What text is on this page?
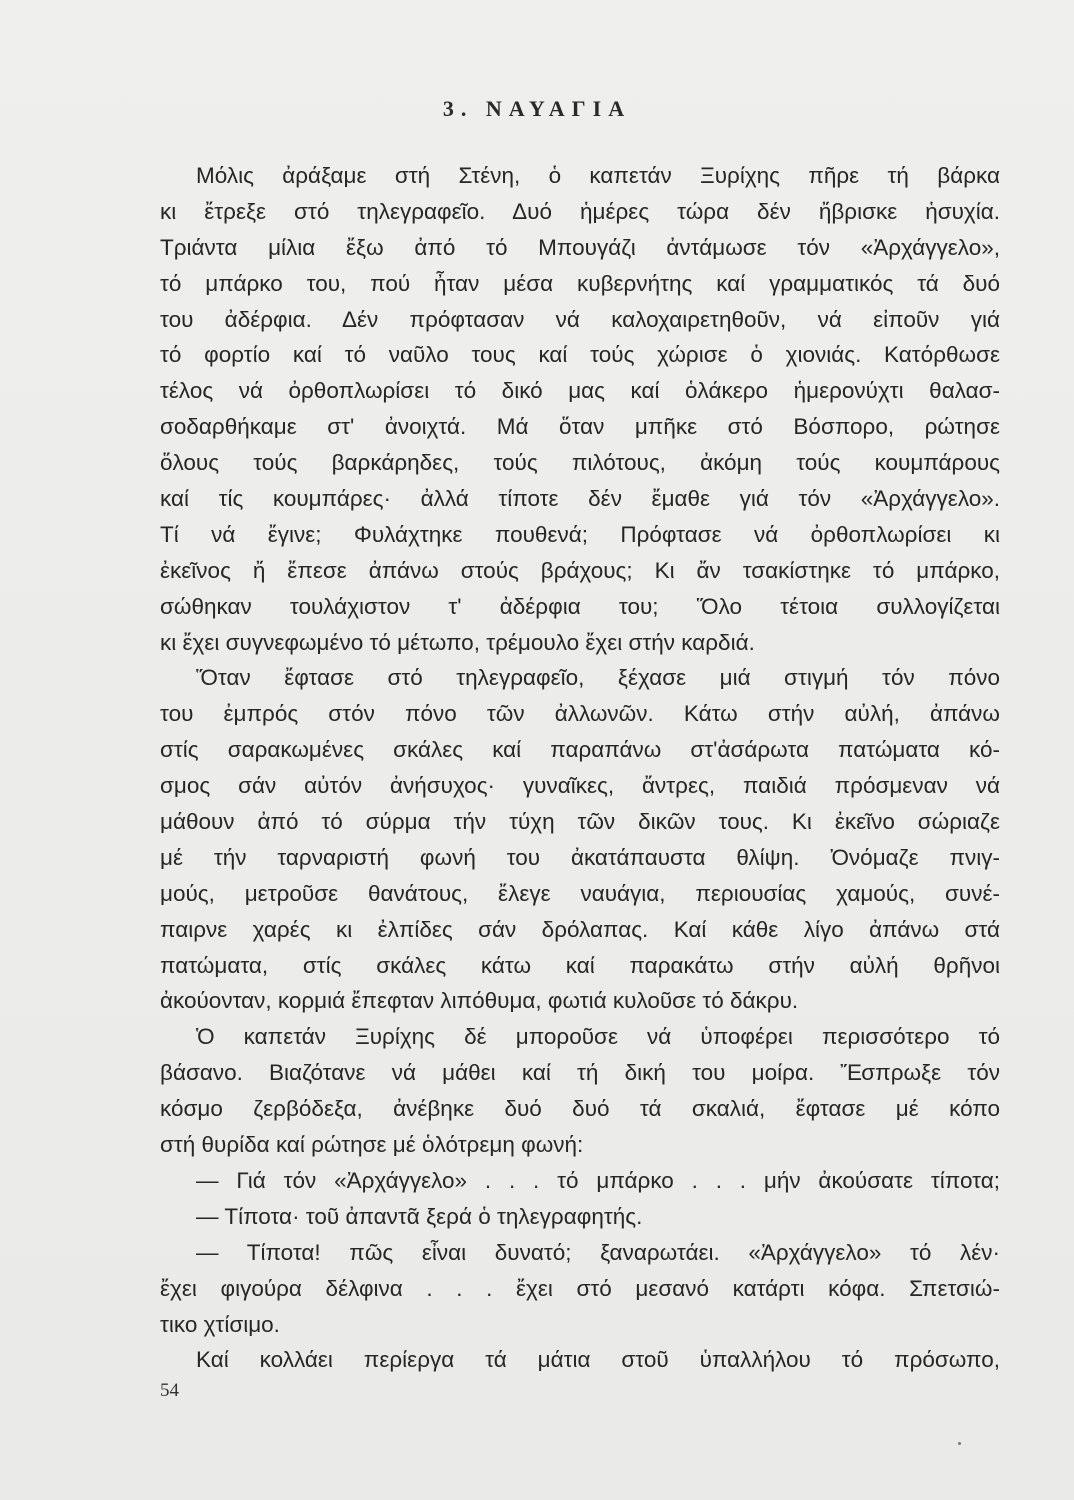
3. ΝΑΥΑΓΙΑ
Μόλις ἀράξαμε στή Στένη, ὁ καπετάν Ξυρίχης πῆρε τή βάρκα
κι ἔτρεξε στό τηλεγραφεῖο. Δυό ἡμέρες τώρα δέν ἤβρισκε ἡσυχία.
Τριάντα μίλια ἔξω ἀπό τό Μπουγάζι ἀντάμωσε τόν «Ἀρχάγγελο»,
τό μπάρκο του, πού ἦταν μέσα κυβερνήτης καί γραμματικός τά δυό
του ἀδέρφια. Δέν πρόφτασαν νά καλοχαιρετηθοῦν, νά εἰποῦν γιά
τό φορτίο καί τό ναῦλο τους καί τούς χώρισε ὁ χιονιάς. Κατόρθωσε
τέλος νά ὀρθοπλωρίσει τό δικό μας καί ὁλάκερο ἡμερονύχτι θαλασ-
σοδαρθήκαμε στ' ἀνοιχτά. Μά ὅταν μπῆκε στό Βόσπορο, ρώτησε
ὅλους τούς βαρκάρηδες, τούς πιλότους, ἀκόμη τούς κουμπάρους
καί τίς κουμπάρες· ἀλλά τίποτε δέν ἔμαθε γιά τόν «Ἀρχάγγελο».
Τί νά ἔγινε; Φυλάχτηκε πουθενά; Πρόφτασε νά ὀρθοπλωρίσει κι
ἐκεῖνος ἤ ἔπεσε ἀπάνω στούς βράχους; Κι ἄν τσακίστηκε τό μπάρκο,
σώθηκαν τουλάχιστον τ' ἀδέρφια του; Ὅλο τέτοια συλλογίζεται
κι ἔχει συγνεφωμένο τό μέτωπο, τρέμουλο ἔχει στήν καρδιά.
Ὅταν ἔφτασε στό τηλεγραφεῖο, ξέχασε μιά στιγμή τόν πόνο
του ἐμπρός στόν πόνο τῶν ἀλλωνῶν. Κάτω στήν αὐλή, ἀπάνω
στίς σαρακωμένες σκάλες καί παραπάνω στ'ἀσάρωτα πατώματα κό-
σμος σάν αὐτόν ἀνήσυχος· γυναῖκες, ἄντρες, παιδιά πρόσμεναν νά
μάθουν ἀπό τό σύρμα τήν τύχη τῶν δικῶν τους. Κι ἐκεῖνο σώριαζε
μέ τήν ταρναριστή φωνή του ἀκατάπαυστα θλίψη. Ὀνόμαζε πνιγ-
μούς, μετροῦσε θανάτους, ἔλεγε ναυάγια, περιουσίας χαμούς, συνέ-
παιρνε χαρές κι ἐλπίδες σάν δρόλαπας. Καί κάθε λίγο ἀπάνω στά
πατώματα, στίς σκάλες κάτω καί παρακάτω στήν αὐλή θρῆνοι
ἀκούονταν, κορμιά ἔπεφταν λιπόθυμα, φωτιά κυλοῦσε τό δάκρυ.
Ὁ καπετάν Ξυρίχης δέ μποροῦσε νά ὑποφέρει περισσότερο τό
βάσανο. Βιαζότανε νά μάθει καί τή δική του μοίρα. Ἔσπρωξε τόν
κόσμο ζερβόδεξα, ἀνέβηκε δυό δυό τά σκαλιά, ἔφτασε μέ κόπο
στή θυρίδα καί ρώτησε μέ ὁλότρεμη φωνή:
— Γιά τόν «Ἀρχάγγελο» . . . τό μπάρκο . . . μήν ἀκούσατε τίποτα;
— Τίποτα· τοῦ ἀπαντᾶ ξερά ὁ τηλεγραφητής.
— Τίποτα! πῶς εἶναι δυνατό; ξαναρωτάει. «Ἀρχάγγελο» τό λέν·
ἔχει φιγούρα δέλφινα . . . ἔχει στό μεσανό κατάρτι κόφα. Σπετσιώ-
τικο χτίσιμο.
Καί κολλάει περίεργα τά μάτια στοῦ ὑπαλλήλου τό πρόσωπο,
54
